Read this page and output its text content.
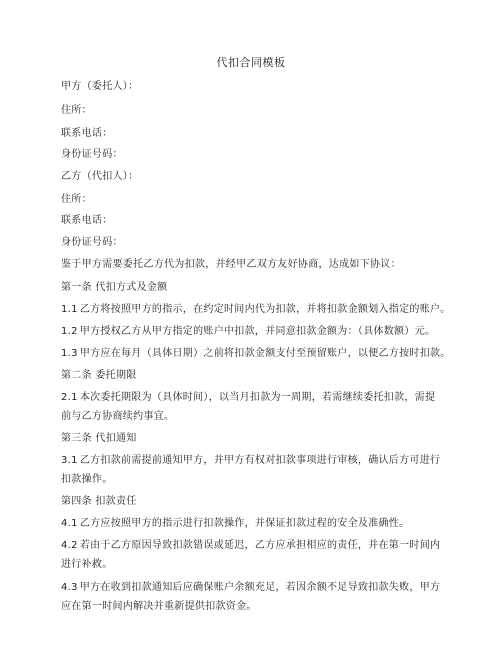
代扣合同模板
甲方（委托人）：
住所：
联系电话：
身份证号码：
乙方（代扣人）：
住所：
联系电话：
身份证号码：
鉴于甲方需要委托乙方代为扣款，并经甲乙双方友好协商，达成如下协议：
第一条 代扣方式及金额
1.1 乙方将按照甲方的指示，在约定时间内代为扣款，并将扣款金额划入指定的账户。
1.2 甲方授权乙方从甲方指定的账户中扣款，并同意扣款金额为：（具体数额）元。
1.3 甲方应在每月（具体日期）之前将扣款金额支付至预留账户，以便乙方按时扣款。
第二条 委托期限
2.1 本次委托期限为（具体时间），以当月扣款为一周期，若需继续委托扣款，需提前与乙方协商续约事宜。
第三条 代扣通知
3.1 乙方扣款前需提前通知甲方，并甲方有权对扣款事项进行审核，确认后方可进行扣款操作。
第四条 扣款责任
4.1 乙方应按照甲方的指示进行扣款操作，并保证扣款过程的安全及准确性。
4.2 若由于乙方原因导致扣款错误或延迟，乙方应承担相应的责任，并在第一时间内进行补救。
4.3 甲方在收到扣款通知后应确保账户余额充足，若因余额不足导致扣款失败，甲方应在第一时间内解决并重新提供扣款资金。
